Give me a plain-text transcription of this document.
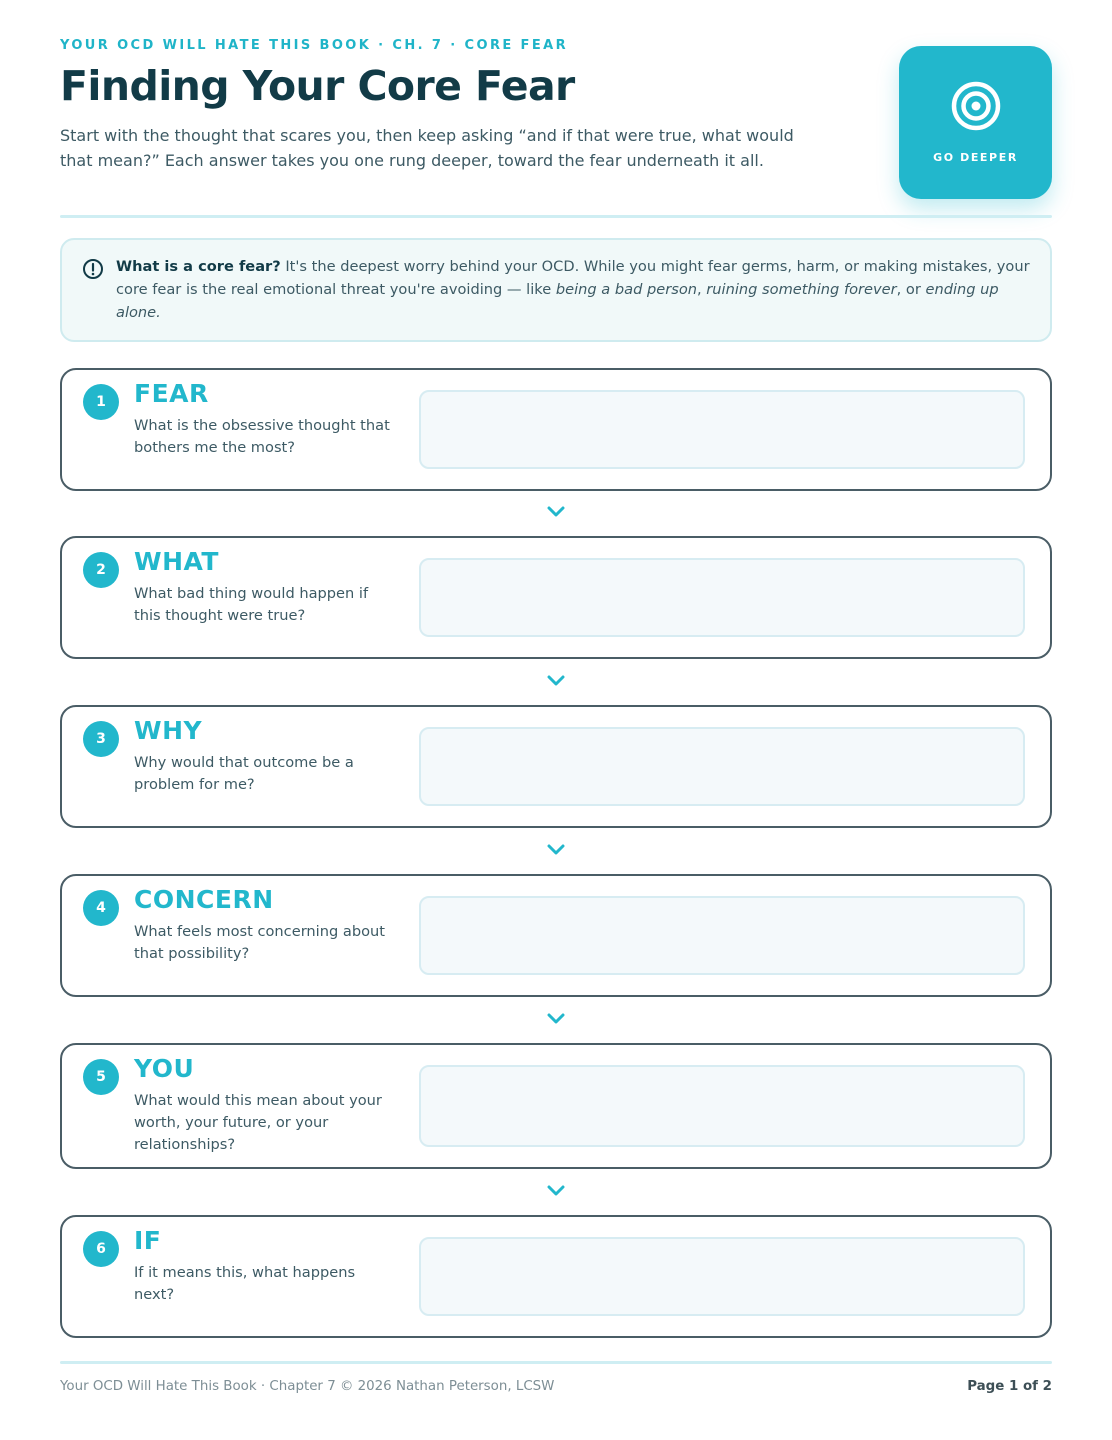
YOUR OCD WILL HATE THIS BOOK · CH. 7 · CORE FEAR
Finding Your Core Fear

Start with the thought that scares you, then keep asking “and if that were true, what would that mean?” Each answer takes you one rung deeper, toward the fear underneath it all.	GO DEEPER

What is a core fear? It's the deepest worry behind your OCD. While you might fear germs, harm, or making mistakes, your core fear is the real emotional threat you're avoiding — like being a bad person, ruining something forever, or ending up alone.

1	FEAR

What is the obsessive thought that bothers me the most?

2	WHAT

What bad thing would happen if this thought were true?

3	WHY

Why would that outcome be a problem for me?

4	CONCERN

What feels most concerning about that possibility?

5	YOU

What would this mean about your worth, your future, or your relationships?

6	IF

If it means this, what happens next?

Your OCD Will Hate This Book · Chapter 7 © 2026 Nathan Peterson, LCSW	Page 1 of 2
